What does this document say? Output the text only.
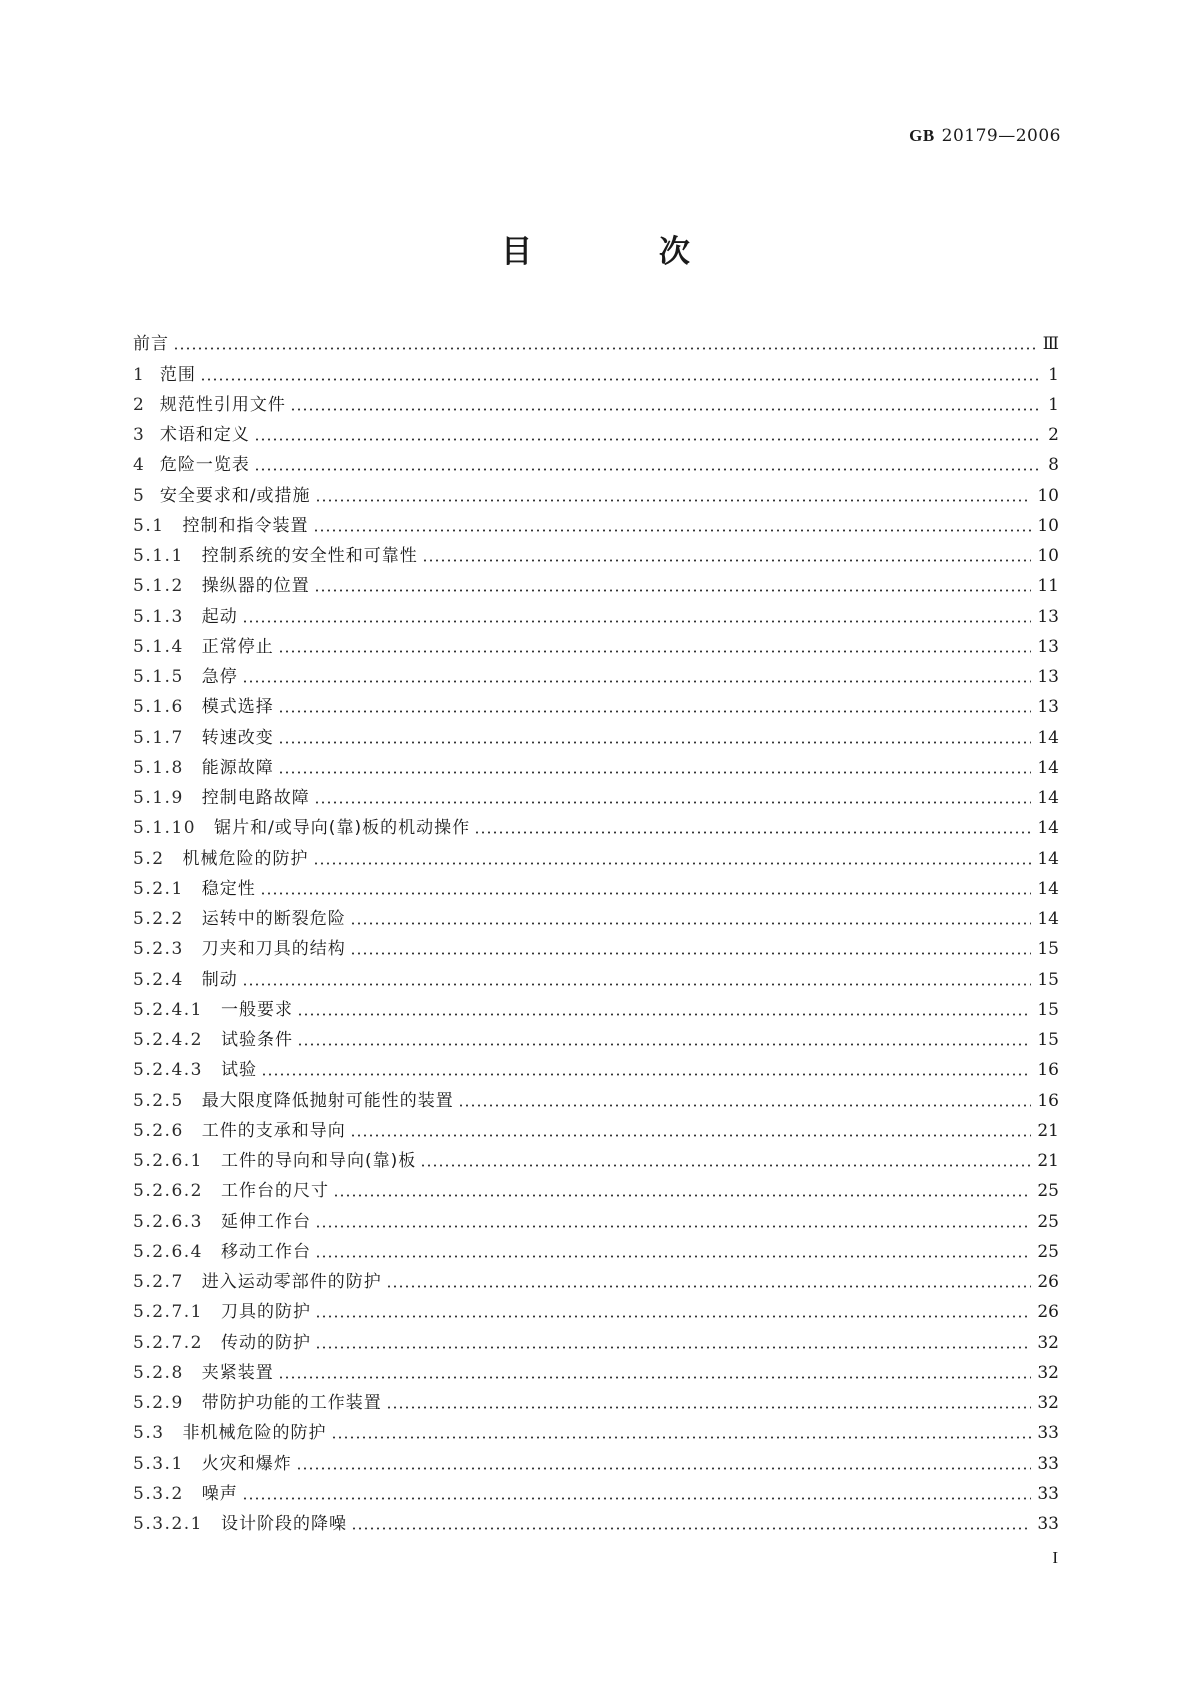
GB 20179—2006
目 次
前言	Ⅲ
1 范围	1
2 规范性引用文件	1
3 术语和定义	2
4 危险一览表	8
5 安全要求和/或措施	10
5.1 控制和指令装置	10
5.1.1 控制系统的安全性和可靠性	10
5.1.2 操纵器的位置	11
5.1.3 起动	13
5.1.4 正常停止	13
5.1.5 急停	13
5.1.6 模式选择	13
5.1.7 转速改变	14
5.1.8 能源故障	14
5.1.9 控制电路故障	14
5.1.10 锯片和/或导向(靠)板的机动操作	14
5.2 机械危险的防护	14
5.2.1 稳定性	14
5.2.2 运转中的断裂危险	14
5.2.3 刀夹和刀具的结构	15
5.2.4 制动	15
5.2.4.1 一般要求	15
5.2.4.2 试验条件	15
5.2.4.3 试验	16
5.2.5 最大限度降低抛射可能性的装置	16
5.2.6 工件的支承和导向	21
5.2.6.1 工件的导向和导向(靠)板	21
5.2.6.2 工作台的尺寸	25
5.2.6.3 延伸工作台	25
5.2.6.4 移动工作台	25
5.2.7 进入运动零部件的防护	26
5.2.7.1 刀具的防护	26
5.2.7.2 传动的防护	32
5.2.8 夹紧装置	32
5.2.9 带防护功能的工作装置	32
5.3 非机械危险的防护	33
5.3.1 火灾和爆炸	33
5.3.2 噪声	33
5.3.2.1 设计阶段的降噪	33
I
